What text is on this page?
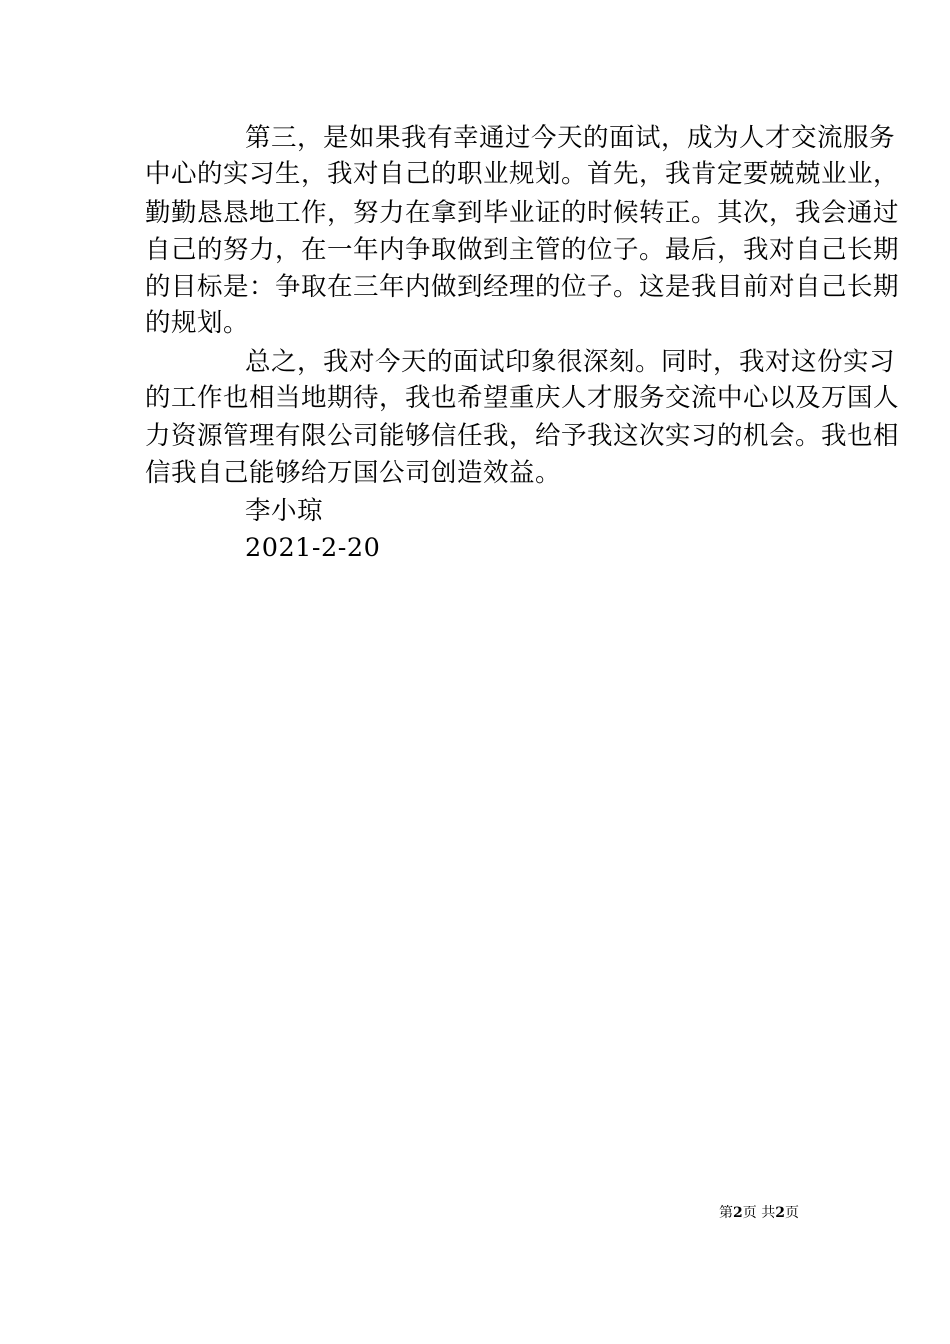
第三，是如果我有幸通过今天的面试，成为人才交流服务
中心的实习生，我对自己的职业规划。首先，我肯定要兢兢业业，
勤勤恳恳地工作，努力在拿到毕业证的时候转正。其次，我会通过
自己的努力，在一年内争取做到主管的位子。最后，我对自己长期
的目标是：争取在三年内做到经理的位子。这是我目前对自己长期
的规划。
总之，我对今天的面试印象很深刻。同时，我对这份实习
的工作也相当地期待，我也希望重庆人才服务交流中心以及万国人
力资源管理有限公司能够信任我，给予我这次实习的机会。我也相
信我自己能够给万国公司创造效益。
李小琼
2021-2-20
第2页 共2页
